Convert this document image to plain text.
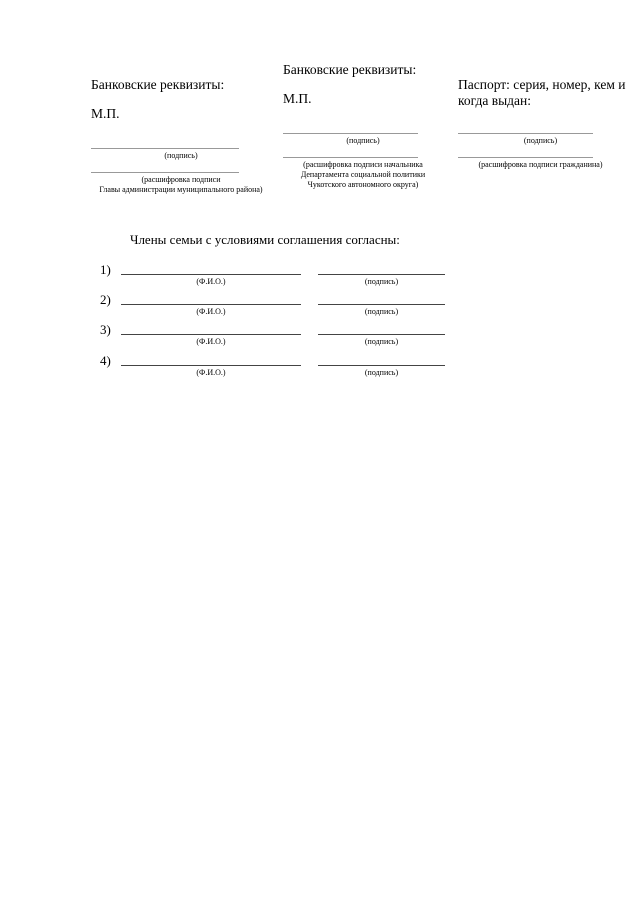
Банковские реквизиты:
М.П.
(подпись)
(расшифровка подписи
Главы администрации муниципального района)
Банковские реквизиты:
М.П.
(подпись)
(расшифровка подписи начальника
Департамента социальной политики
Чукотского автономного округа)
Паспорт: серия, номер, кем и когда выдан:
(подпись)
(расшифровка подписи гражданина)
Члены семьи с условиями соглашения согласны:
1)
(Ф.И.О.)	(подпись)
2)
(Ф.И.О.)	(подпись)
3)
(Ф.И.О.)	(подпись)
4)
(Ф.И.О.)	(подпись)
